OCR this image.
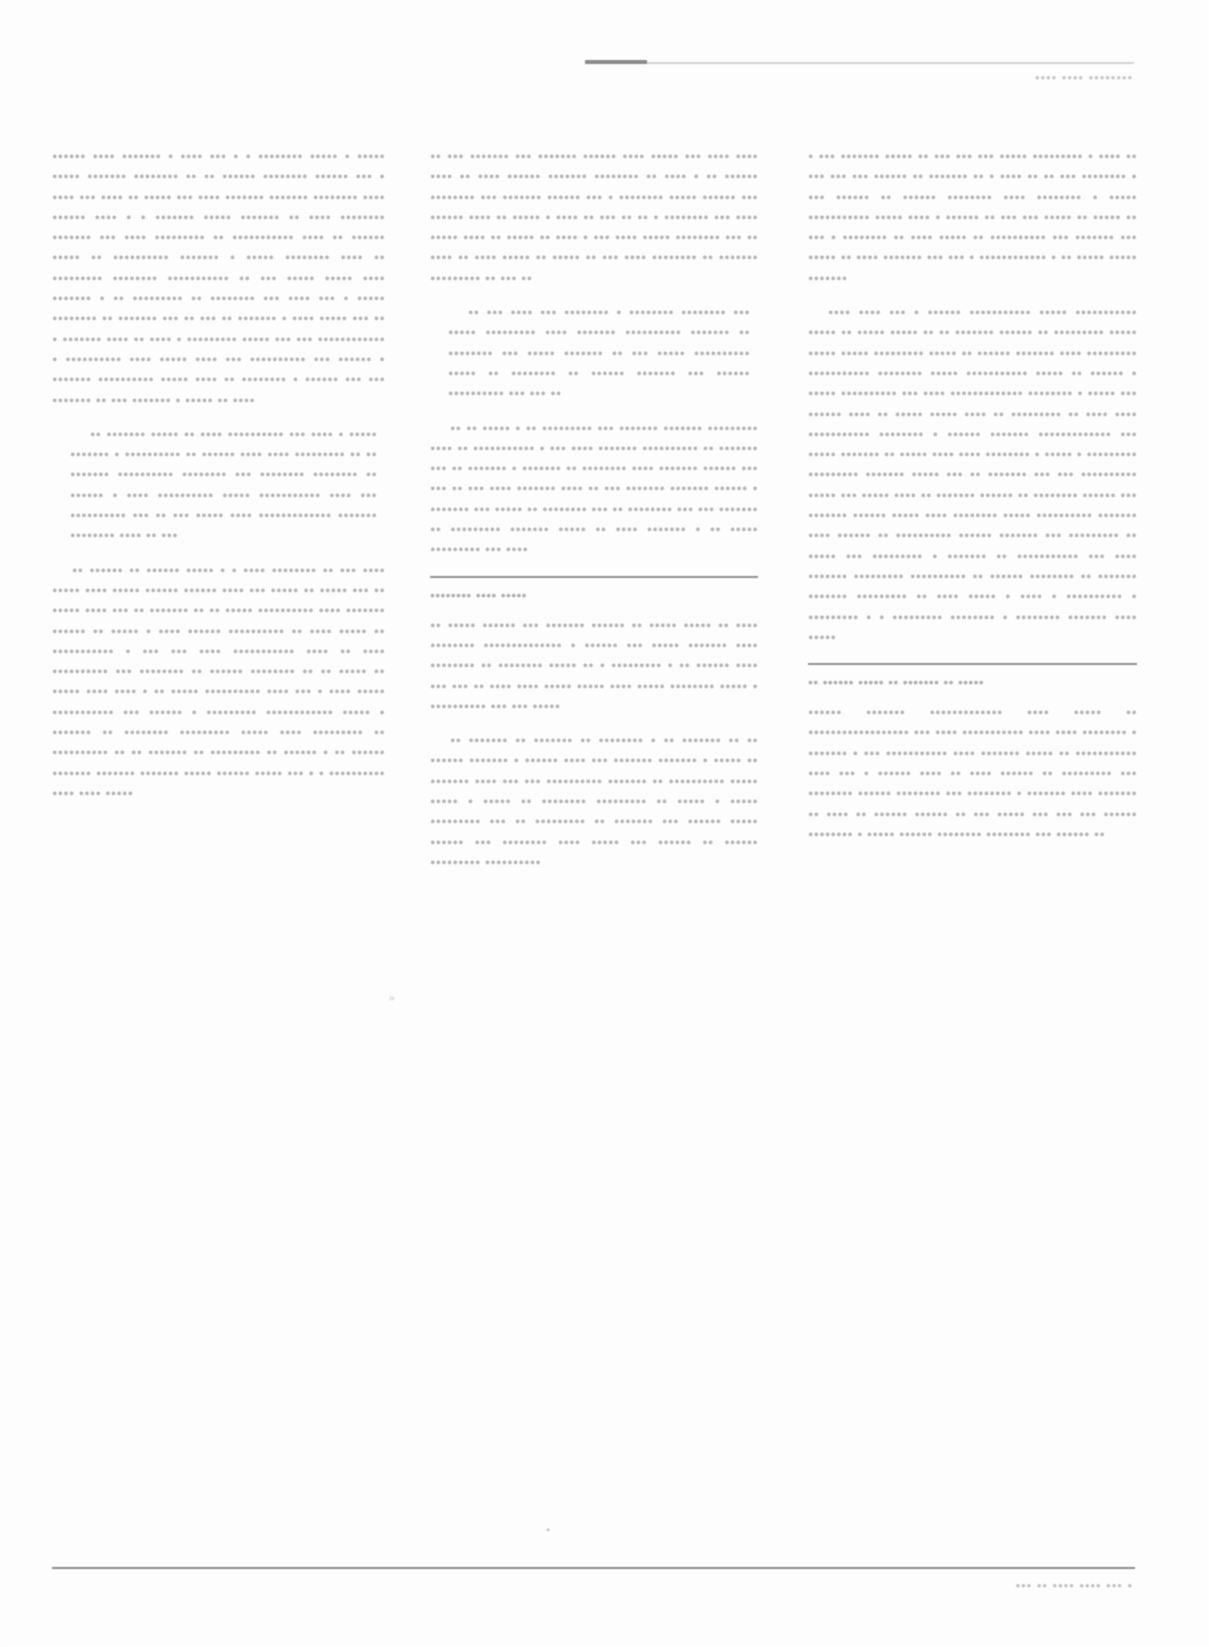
•••• •••• ••••••••

•••••• •••• ••••••• • •••• ••• • • •••••••• ••••• • ••••• ••••• ••••••• •••••••• •• •• •••••• •••••••• •••••• ••• • •••• ••• •••• •• ••••• ••• •••• ••••••• ••••••• •••••••• •••• •••••• •••• • • ••••••• ••••• ••••••• •• •••• •••••••• ••••••• ••• •••• ••••••••• •• ••••••••••• •••• •• •••••• ••••• •• •••••••••• ••••••• • ••••• •••••••• •••• •• ••••••••• •••••••• ••••••••••• •• ••• ••••• ••••• •••• ••••••• • •• ••••••••• •• •••••••• ••• •••• ••• • ••••• •••••••• •• ••••••• ••• •• ••• •• ••••••• • •••• ••••• ••• •• • ••••••• •••• •• •••• • ••••••••• ••••• ••• ••• •••••••••••• • •••••••••• •••• ••••• •••• ••• •••••••••• ••• •••••• • ••••••• •••••••••• ••••• •••• •• •••••••• • •••••• ••• ••• ••••••• •• ••• ••••••• • ••••• •• ••••

•• ••••••• ••••• •• •••• •••••••••• ••• •••• • ••••• ••••••• • •••••••••• •• •••••• •••• •••• ••••••••• •• •• ••••••• •••••••••• •••••••• ••• •••••••• •••••••• •• •••••• • •••• •••••••••• ••••• ••••••••••• •••• ••• •••••••••• ••• •• ••• ••••• •••• ••••••••••••• ••••••• •••••••• •••• •• •••

•• •••••• •• •••••• ••••• • • •••• •••••••• •• ••• •••• ••••• •••• ••••• •••••• •••••• •••• ••• ••••• •• ••••• ••• •• ••••• •••• ••• •• ••••••• •• •• ••••• •••••••••• •••• ••••••• •••••• •• ••••• • •••• •••••• •••••••••• •• •••• ••••• •• ••••••••••• • ••• ••• •••• ••••••••••• •••• •• •••• •••••••••• ••• •••••••• •• •••••• •••••••• •• •• ••••• •• ••••• •••• •••• • •• ••••• •••••••••• •••• ••• • •••• ••••• ••••••••••• ••• •••••• • ••••••••• •••••••••••• ••••• • ••••••• •• •••••••• ••••••••• ••••• •••• ••••••••• •• •••••••••• •• •• ••••••• •• ••••••••• •• •••••• • •• •••••• ••••••• ••••••• ••••••• ••••• •••••• ••••• ••• • • •••••••••• •••• •••• •••••

•• ••• ••••••• ••• ••••••• •••••• •••• ••••• ••• •••• •••• •••• •• •••• •••••• ••••••• •••••••• •• •••• • •• •••••• •••••••• ••• ••••••• •••••• ••• • •••••••• ••••• •••••• ••• •••••• •••• •• ••••• • •••• •• ••• •• •• • •••••••• ••• •••• ••••• •••• •• ••••• •• •••• • ••• •••• ••••• •••••••• ••• •• •••• •• •••• ••••• •• ••••• •• ••• •••• •••••••• •• ••••••• ••••••••• •• ••• ••

•• ••• •••• ••• •••••••• • •••••••• •••••••• ••• ••••• ••••••••• •••• ••••••• •••••••••• ••••••• •• •••••••• ••• ••••• ••••••• •• ••• ••••• •••••••••• ••••• •• •••••••• •• •••••• ••••••• ••• •••••• •••••••••• ••• ••• ••

•• •• ••••• • •• ••••••••• ••• ••••••• ••••••• ••••••••• •••• •• ••••••••••• • ••• •••• ••••••• •••••••••• •• ••••••• ••• •• ••••••• • ••••••• •• •••••••• •••• ••••••• •••••• ••• ••• •• ••• •••• ••••••• •••• •• ••• ••••••• ••••••• •••••• • ••••••• ••• ••••• •• •••••••• ••• •• •••••••• ••• ••• ••••••• •• ••••••••• ••••••• ••••• •• •••• ••••••• • •• ••••• ••••••••• ••• ••••

•••••••• •••• •••••

•• ••••• •••••• ••• ••••••• •••••• •• ••••• ••••• •• •••• •••••••• •••••••••••••• • •••••• ••• ••••• ••••••• •••• •••••••• •• •••••••• ••••• •• • ••••••••• • •• •••••• •••• ••• ••• •• •••• •••• ••••• ••••• •••• ••••• •••••••• ••••• • •••••••••• ••• ••• •••••

•• ••••••• •• ••••••• •• •••••••• • •• ••••••• •• •• •••••• ••••••• • •••••• •••• ••• ••••••• ••••••• • ••••• •• ••••••• •••• ••• ••• •••••••••• ••••••• •• •••••••••• ••••• ••••• • ••••• •• •••••••• ••••••••• •• ••••• • ••••• ••••••••• ••• •• ••••••••• •• ••••••• ••• •••••• ••••• •••••• ••• •••••••• •••• ••••• ••• •••••• •• •••••• ••••••••• ••••••••••

• ••• ••••••• ••••• •• ••• ••• ••• ••••• ••••••••• • •••• •• ••• ••• ••• •••••• •• ••••••• •• • •••• •• •• ••• •••••••• • ••• •••••• •• •••••• •••••••• •••• •••••••• • ••••• ••••••••••• ••••• •••• • •••••• •• ••• ••• ••••• •• ••••• •• ••• • •••••••• •• •••• ••••• •• •••••••••• ••• ••••••• ••• ••••• •• •••• ••••••• ••• ••• • •••••••••••• • •• ••••• ••••• •••••••

•••• •••• ••• • •••••• ••••••••••• ••••• ••••••••••• ••••• •• ••••• ••••• •• •• ••••••• •••••• •• ••••••••• ••••• ••••• ••••• ••••••••• ••••• •• •••••• ••••••• •••• ••••••••• ••••••••••• •••••••• ••••• ••••••••••• ••••• •• •••••• • ••••• •••••••••• ••• •••• ••••••••••••• •••••••• • ••••• ••• •••••• •••• •• ••••• ••••• •••• •• ••••••••• •• •••• •••• ••••••••••• •••••••• • •••••• ••••••• ••••••••••••• ••• ••••• ••••••• •• ••••• •••• •••• •••••••• • ••••• • ••••••••• ••••••••• ••••••• ••••• ••• •• ••••••• ••• ••• •••••••••• ••••• ••• ••••• •••• •• ••••••• •••••• •• •••••••• •••••• ••• ••••••• •••••• ••••• •••• •••••••• ••••• •••••••••• ••••••• •••• •••••• •• •••••••••• •••••• ••••••• ••• ••••••••• •• ••••• ••• ••••••••• • ••••••• •• ••••••••••• ••• •••• ••••••• ••••••••• •••••••••• •• •••••• •••••••• •• ••••••• ••••••• ••••••••• •• •••• ••••• • •••• • •••••••••• • ••••••••• • • ••••••••• •••••••• • •••••••• ••••••• •••• •••••

•• •••••• ••••• •• ••••••• •• •••••

•••••• ••••••• ••••••••••••• •••• ••••• •• •••••••••••••••••• ••• •••• ••••••••••• •••• •••• •••••••• • ••••••• • ••• ••••••••••• •••• ••••••• ••••• •• ••••••••••• •••• ••• • •••••• •••• •• •••• •••••• •• ••••••••• ••• •••••••• •••••• •••••••• ••• •••••••• • ••••••• •••• ••••••• •• •••• •• •••••• •••••• •• ••• ••••• ••• ••• ••• •••••• •••••••• • ••••• •••••• •••••••• •••••••• ••• •••••• ••

»
•
••• •• •••• •••• ••• •
